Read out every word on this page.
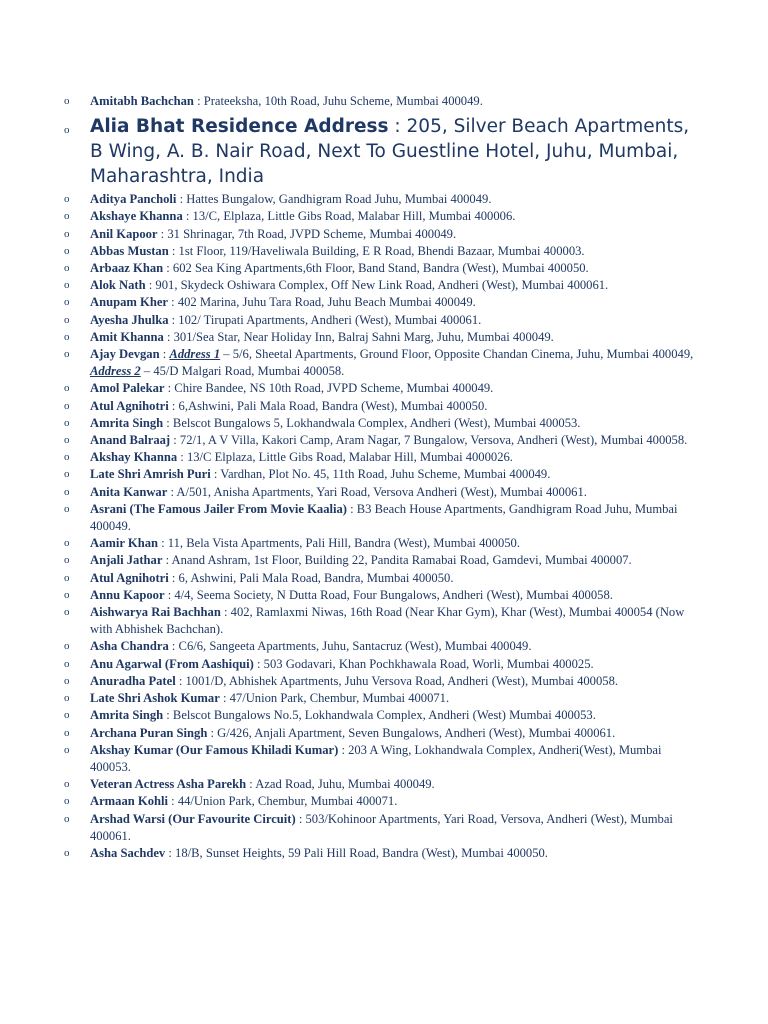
o Amitabh Bachchan : Prateeksha, 10th Road, Juhu Scheme, Mumbai 400049.
o Alia Bhat Residence Address : 205, Silver Beach Apartments, B Wing, A. B. Nair Road, Next To Guestline Hotel, Juhu, Mumbai, Maharashtra, India
o Aditya Pancholi : Hattes Bungalow, Gandhigram Road Juhu, Mumbai 400049.
o Akshaye Khanna : 13/C, Elplaza, Little Gibs Road, Malabar Hill, Mumbai 400006.
o Anil Kapoor : 31 Shrinagar, 7th Road, JVPD Scheme, Mumbai 400049.
o Abbas Mustan : 1st Floor, 119/Haveliwala Building, E R Road, Bhendi Bazaar, Mumbai 400003.
o Arbaaz Khan : 602 Sea King Apartments,6th Floor, Band Stand, Bandra (West), Mumbai 400050.
o Alok Nath : 901, Skydeck Oshiwara Complex, Off New Link Road, Andheri (West), Mumbai 400061.
o Anupam Kher : 402 Marina, Juhu Tara Road, Juhu Beach Mumbai 400049.
o Ayesha Jhulka : 102/ Tirupati Apartments, Andheri (West), Mumbai 400061.
o Amit Khanna : 301/Sea Star, Near Holiday Inn, Balraj Sahni Marg, Juhu, Mumbai 400049.
o Ajay Devgan : Address 1 – 5/6, Sheetal Apartments, Ground Floor, Opposite Chandan Cinema, Juhu, Mumbai 400049, Address 2 – 45/D Malgari Road, Mumbai 400058.
o Amol Palekar : Chire Bandee, NS 10th Road, JVPD Scheme, Mumbai 400049.
o Atul Agnihotri : 6,Ashwini, Pali Mala Road, Bandra (West), Mumbai 400050.
o Amrita Singh : Belscot Bungalows 5, Lokhandwala Complex, Andheri (West), Mumbai 400053.
o Anand Balraaj : 72/1, A V Villa, Kakori Camp, Aram Nagar, 7 Bungalow, Versova, Andheri (West), Mumbai 400058.
o Akshay Khanna : 13/C Elplaza, Little Gibs Road, Malabar Hill, Mumbai 4000026.
o Late Shri Amrish Puri : Vardhan, Plot No. 45, 11th Road, Juhu Scheme, Mumbai 400049.
o Anita Kanwar : A/501, Anisha Apartments, Yari Road, Versova Andheri (West), Mumbai 400061.
o Asrani (The Famous Jailer From Movie Kaalia) : B3 Beach House Apartments, Gandhigram Road Juhu, Mumbai 400049.
o Aamir Khan : 11, Bela Vista Apartments, Pali Hill, Bandra (West), Mumbai 400050.
o Anjali Jathar : Anand Ashram, 1st Floor, Building 22, Pandita Ramabai Road, Gamdevi, Mumbai 400007.
o Atul Agnihotri : 6, Ashwini, Pali Mala Road, Bandra, Mumbai 400050.
o Annu Kapoor : 4/4, Seema Society, N Dutta Road, Four Bungalows, Andheri (West), Mumbai 400058.
o Aishwarya Rai Bachhan : 402, Ramlaxmi Niwas, 16th Road (Near Khar Gym), Khar (West), Mumbai 400054 (Now with Abhishek Bachchan).
o Asha Chandra : C6/6, Sangeeta Apartments, Juhu, Santacruz (West), Mumbai 400049.
o Anu Agarwal (From Aashiqui) : 503 Godavari, Khan Pochkhawala Road, Worli, Mumbai 400025.
o Anuradha Patel : 1001/D, Abhishek Apartments, Juhu Versova Road, Andheri (West), Mumbai 400058.
o Late Shri Ashok Kumar : 47/Union Park, Chembur, Mumbai 400071.
o Amrita Singh : Belscot Bungalows No.5, Lokhandwala Complex, Andheri (West) Mumbai 400053.
o Archana Puran Singh : G/426, Anjali Apartment, Seven Bungalows, Andheri (West), Mumbai 400061.
o Akshay Kumar (Our Famous Khiladi Kumar) : 203 A Wing, Lokhandwala Complex, Andheri(West), Mumbai 400053.
o Veteran Actress Asha Parekh : Azad Road, Juhu, Mumbai 400049.
o Armaan Kohli : 44/Union Park, Chembur, Mumbai 400071.
o Arshad Warsi (Our Favourite Circuit) : 503/Kohinoor Apartments, Yari Road, Versova, Andheri (West), Mumbai 400061.
o Asha Sachdev : 18/B, Sunset Heights, 59 Pali Hill Road, Bandra (West), Mumbai 400050.
